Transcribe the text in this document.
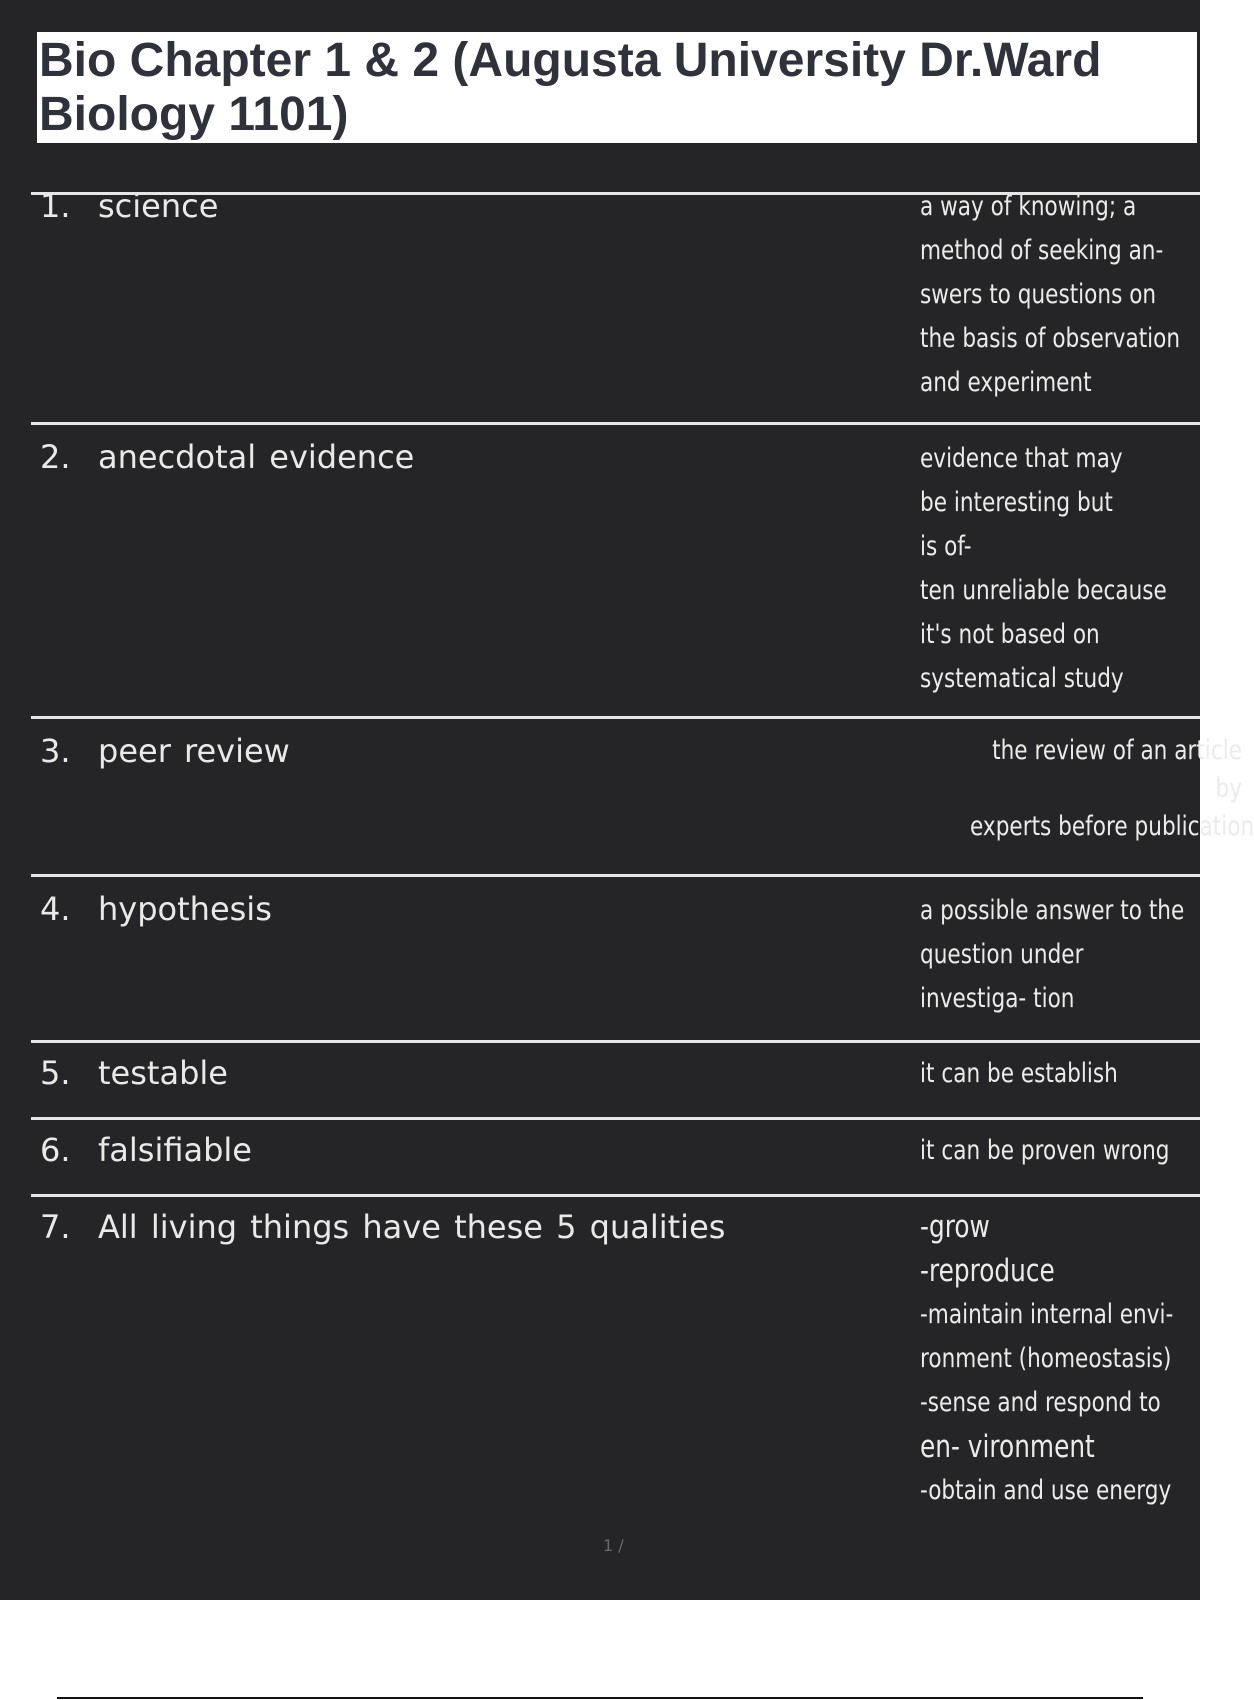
Bio Chapter 1 & 2 (Augusta University Dr.Ward
Biology 1101)

1. science	a way of knowing; a
method of seeking an-
swers to questions on
the basis of observation
and experiment
2. anecdotal evidence	evidence that may
be interesting but
is of-
ten unreliable because
it's not based on
systematical study
3. peer review	the review of an article
by
experts before publication
4. hypothesis	a possible answer to the
question under
investiga- tion
5. testable	it can be establish
6. falsifiable	it can be proven wrong
7. All living things have these 5 qualities	-grow
-reproduce
-maintain internal envi-
ronment (homeostasis)
-sense and respond to
en- vironment
-obtain and use energy
1 /
